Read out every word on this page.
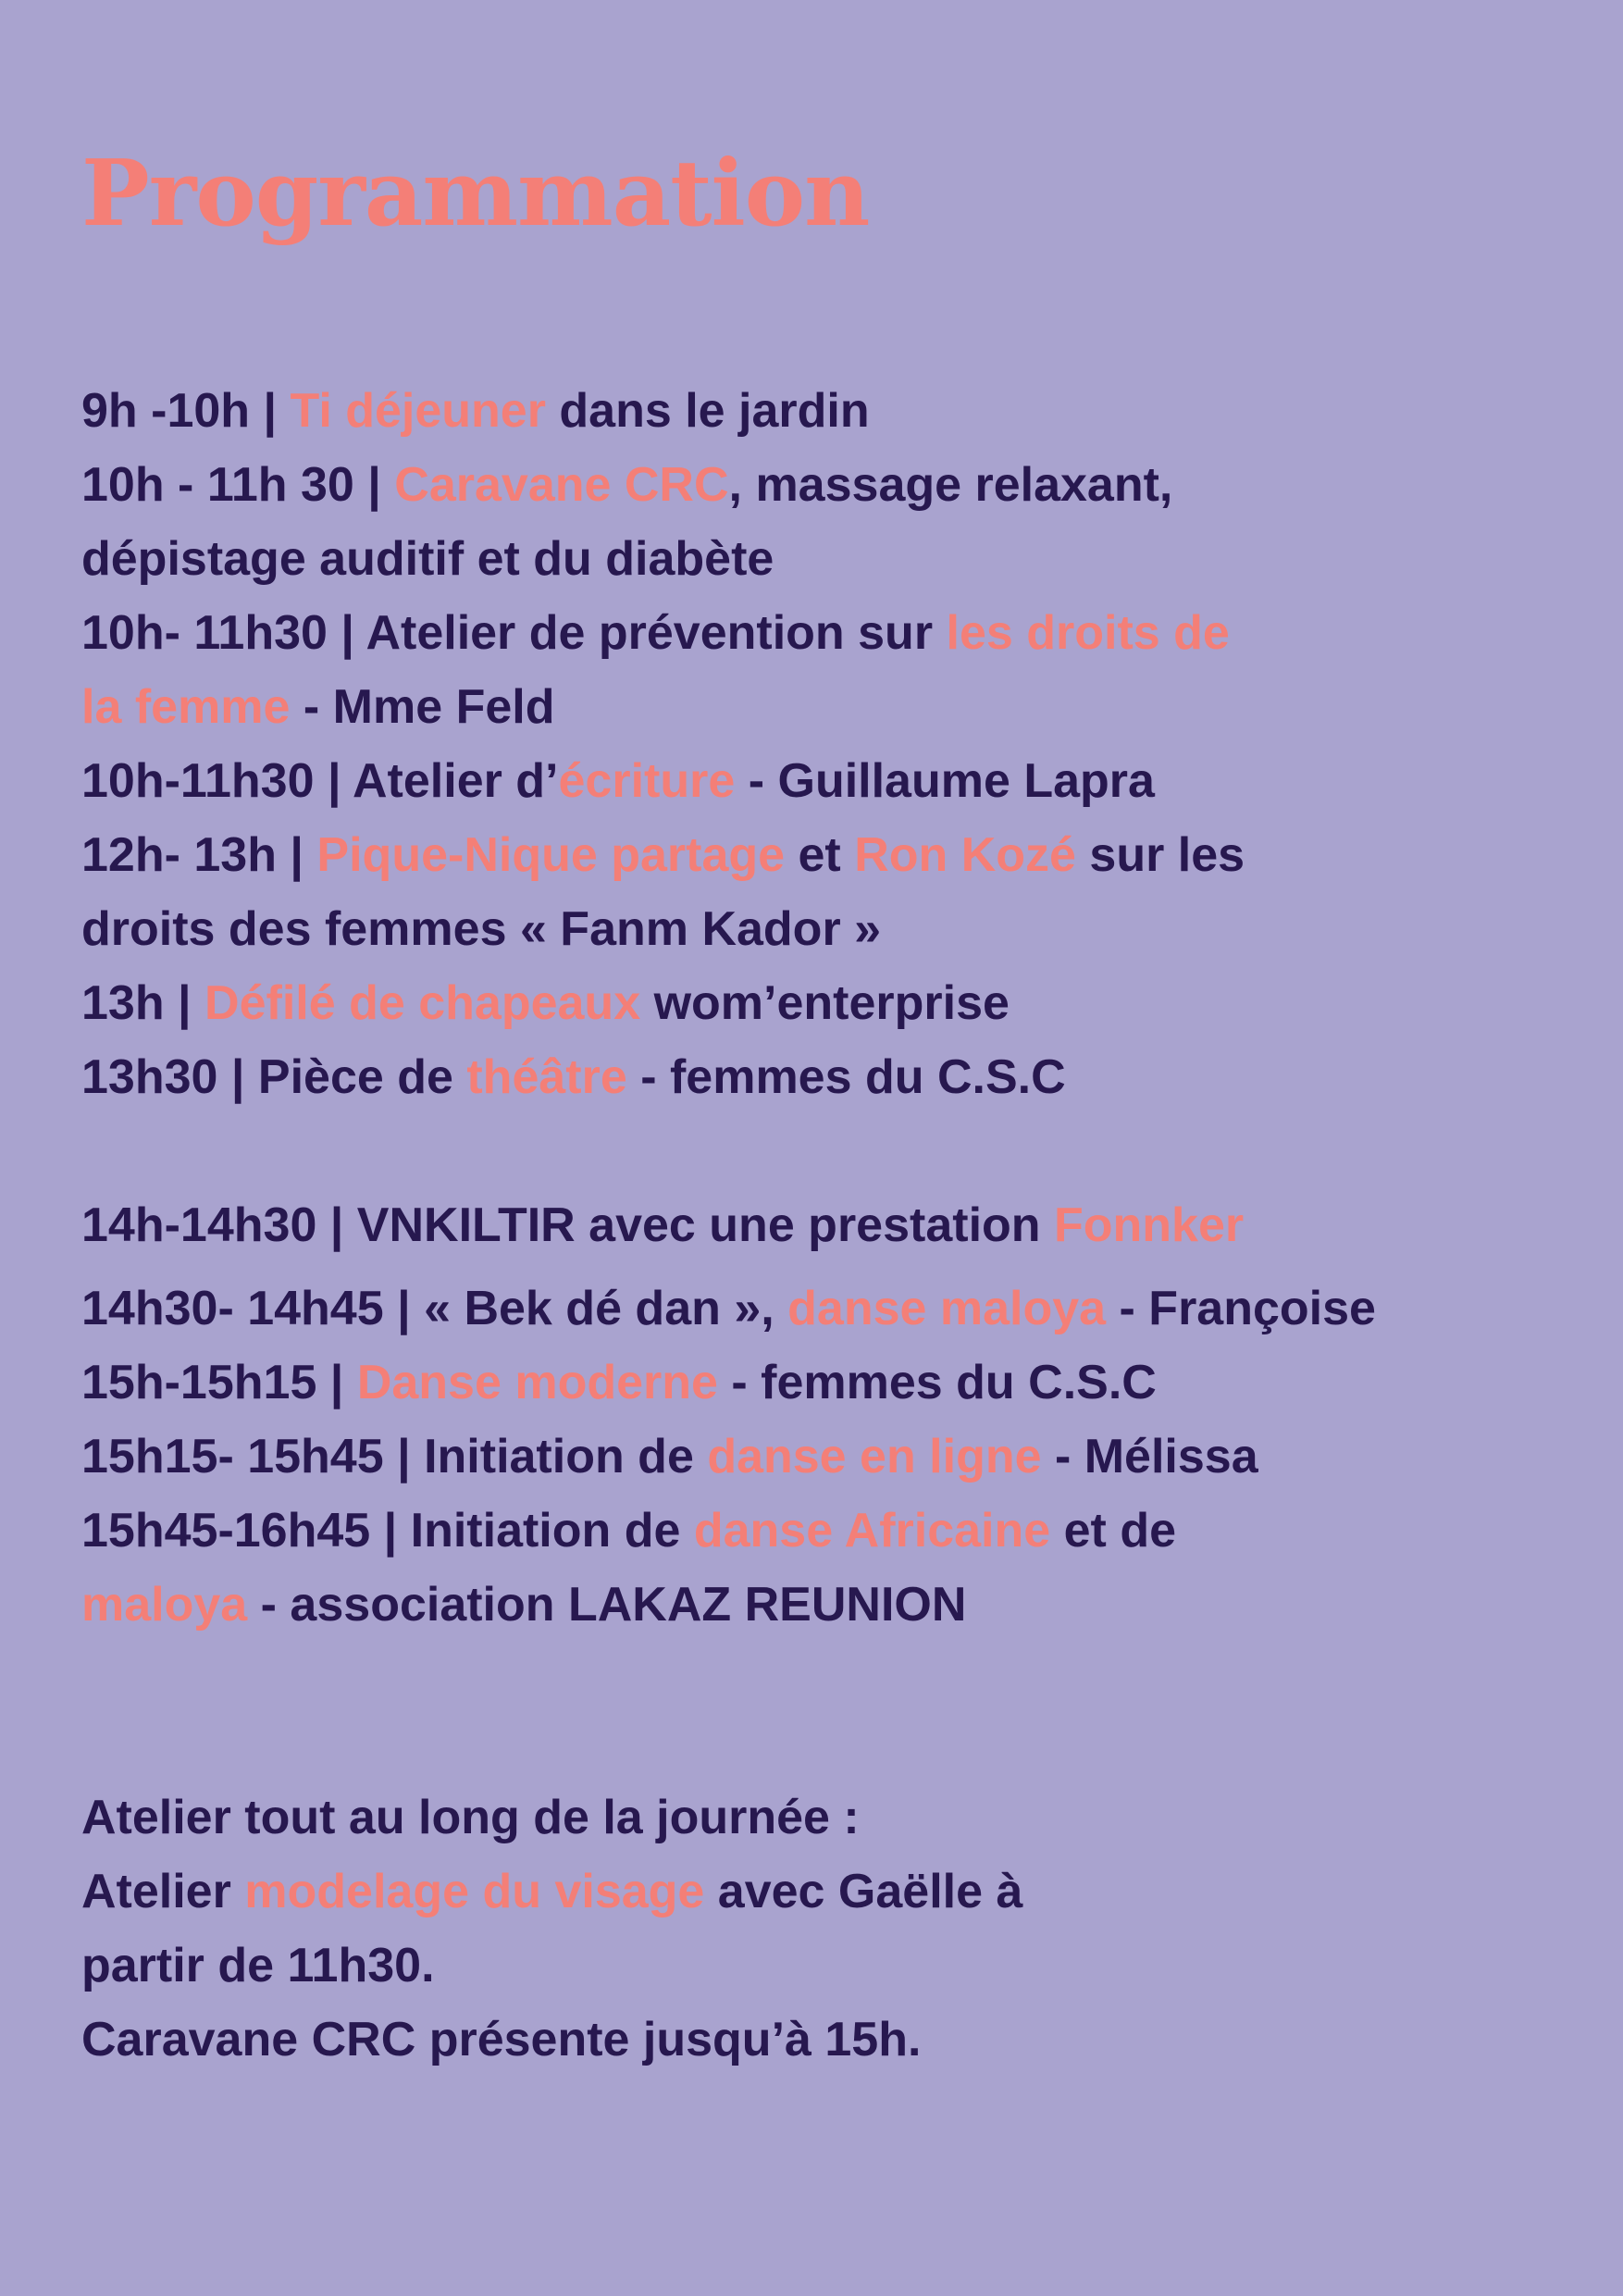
Programmation

9h -10h | Ti déjeuner dans le jardin

10h - 11h 30 | Caravane CRC, massage relaxant,

dépistage auditif et du diabète

10h- 11h30 | Atelier de prévention sur les droits de

la femme - Mme Feld

10h-11h30 | Atelier d’écriture - Guillaume Lapra

12h- 13h | Pique-Nique partage et Ron Kozé sur les

droits des femmes « Fanm Kador »

13h | Défilé de chapeaux wom’enterprise

13h30 | Pièce de théâtre - femmes du C.S.C

14h-14h30 | VNKILTIR avec une prestation Fonnker

14h30- 14h45 | « Bek dé dan », danse maloya - Françoise

15h-15h15 | Danse moderne - femmes du C.S.C

15h15- 15h45 | Initiation de danse en ligne - Mélissa

15h45-16h45 | Initiation de danse Africaine et de

maloya - association LAKAZ REUNION

Atelier tout au long de la journée :

Atelier modelage du visage avec Gaëlle à

partir de 11h30.

Caravane CRC présente jusqu’à 15h.
